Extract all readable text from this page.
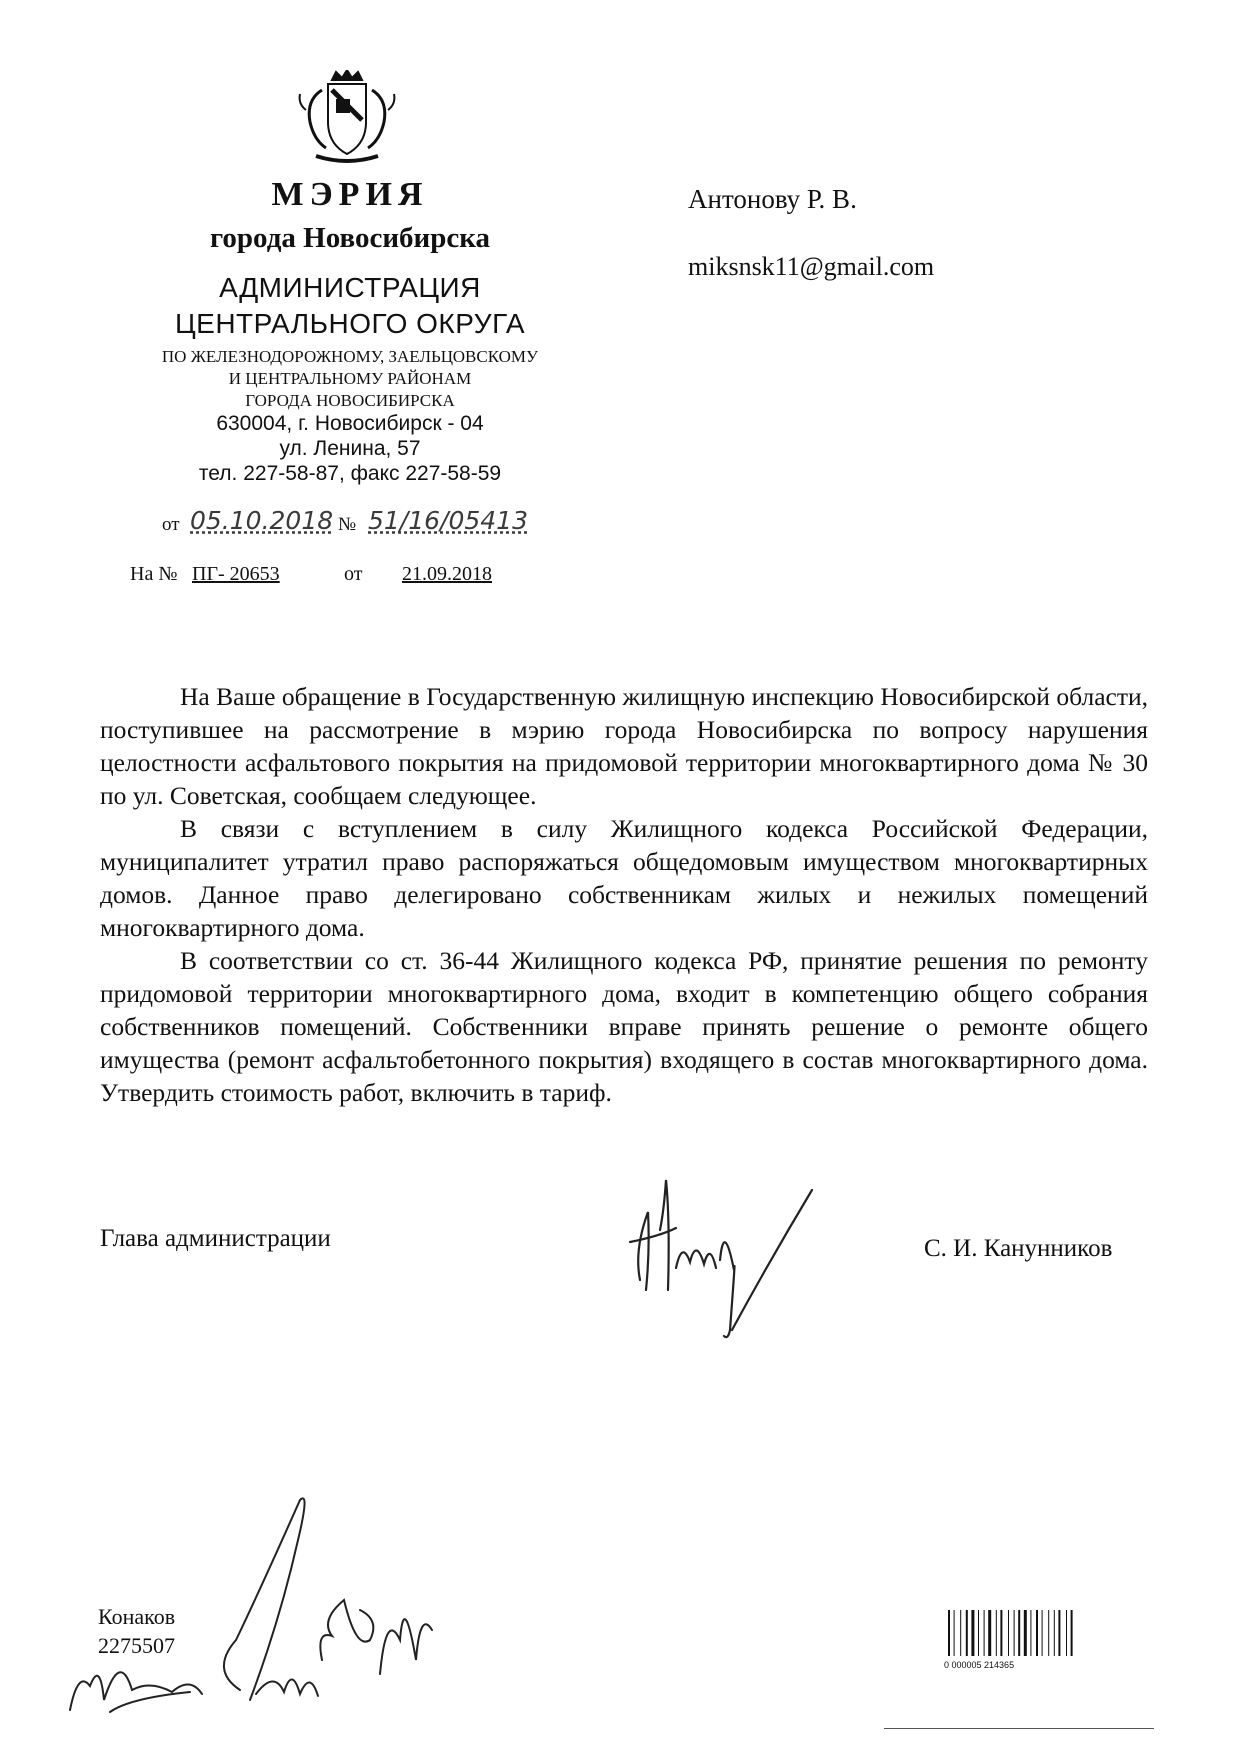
МЭРИЯ
города Новосибирска
АДМИНИСТРАЦИЯ
ЦЕНТРАЛЬНОГО ОКРУГА
ПО ЖЕЛЕЗНОДОРОЖНОМУ, ЗАЕЛЬЦОВСКОМУ
И ЦЕНТРАЛЬНОМУ РАЙОНАМ
ГОРОДА НОВОСИБИРСКА
630004, г. Новосибирск - 04
ул. Ленина, 57
тел. 227-58-87, факс 227-58-59
от 05.10.2018 № 51/16/05413
На № ПГ- 20653	от 21.09.2018
Антонову Р. В.
miksnsk11@gmail.com

На Ваше обращение в Государственную жилищную инспекцию Новосибирской области, поступившее на рассмотрение в мэрию города Новосибирска по вопросу нарушения целостности асфальтового покрытия на придомовой территории многоквартирного дома № 30 по ул. Советская, сообщаем следующее.

В связи с вступлением в силу Жилищного кодекса Российской Федерации, муниципалитет утратил право распоряжаться общедомовым имуществом многоквартирных домов. Данное право делегировано собственникам жилых и нежилых помещений многоквартирного дома.

В соответствии со ст. 36-44 Жилищного кодекса РФ, принятие решения по ремонту придомовой территории многоквартирного дома, входит в компетенцию общего собрания собственников помещений. Собственники вправе принять решение о ремонте общего имущества (ремонт асфальтобетонного покрытия) входящего в состав многоквартирного дома. Утвердить стоимость работ, включить в тариф.

Глава администрации	С. И. Канунников
Конаков
2275507
0 000005 214365
